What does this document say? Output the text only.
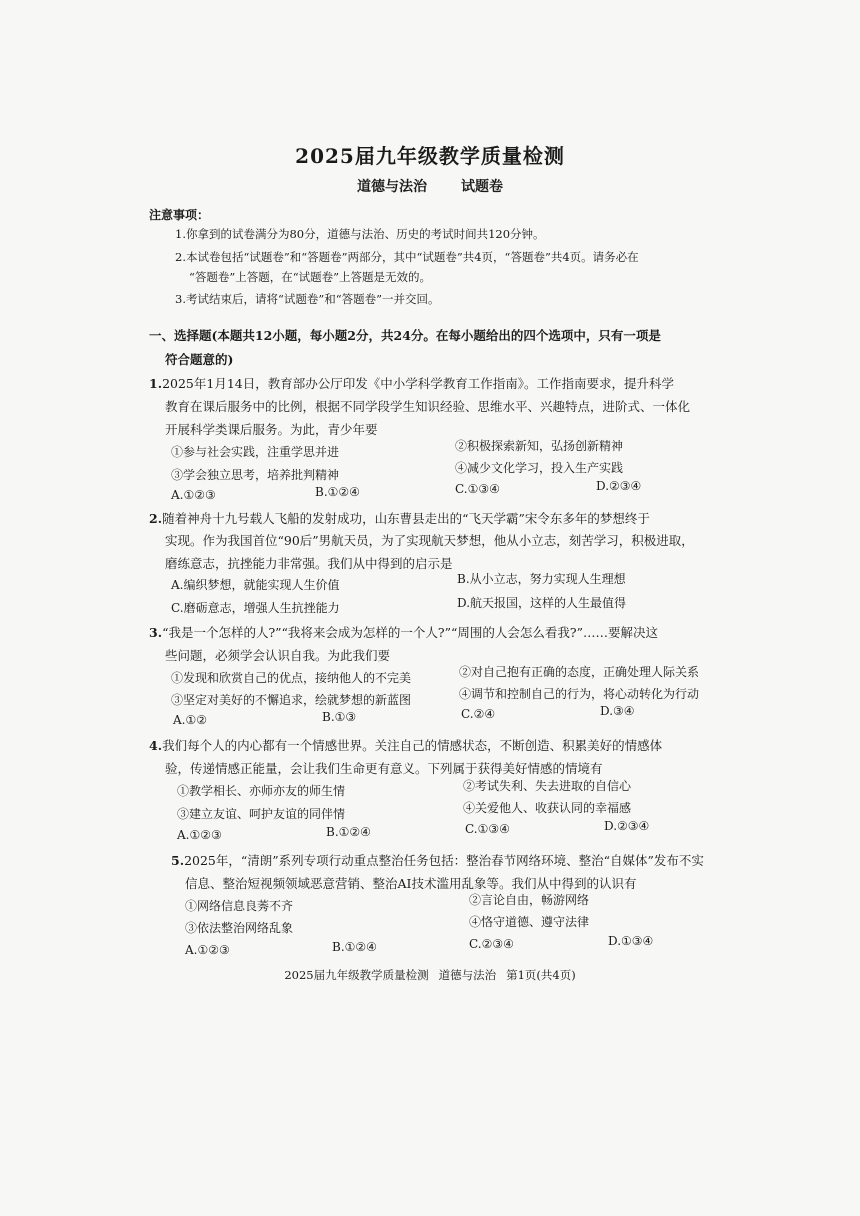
2025届九年级教学质量检测
道德与法治 试题卷
注意事项：
1.你拿到的试卷满分为80分，道德与法治、历史的考试时间共120分钟。
2.本试卷包括“试题卷”和“答题卷”两部分，其中“试题卷”共4页，“答题卷”共4页。请务必在
“答题卷”上答题，在“试题卷”上答题是无效的。
3.考试结束后，请将“试题卷”和“答题卷”一并交回。
一、选择题(本题共12小题，每小题2分，共24分。在每小题给出的四个选项中，只有一项是
符合题意的)
1.2025年1月14日，教育部办公厅印发《中小学科学教育工作指南》。工作指南要求，提升科学
教育在课后服务中的比例，根据不同学段学生知识经验、思维水平、兴趣特点，进阶式、一体化
开展科学类课后服务。为此，青少年要
①参与社会实践，注重学思并进	②积极探索新知，弘扬创新精神
③学会独立思考，培养批判精神	④减少文化学习，投入生产实践
A.①②③	B.①②④	C.①③④	D.②③④
2.随着神舟十九号载人飞船的发射成功，山东曹县走出的“飞天学霸”宋令东多年的梦想终于
实现。作为我国首位“90后”男航天员，为了实现航天梦想，他从小立志，刻苦学习，积极进取，
磨练意志，抗挫能力非常强。我们从中得到的启示是
A.编织梦想，就能实现人生价值	B.从小立志，努力实现人生理想
C.磨砺意志，增强人生抗挫能力	D.航天报国，这样的人生最值得
3.“我是一个怎样的人?”“我将来会成为怎样的一个人?”“周围的人会怎么看我?”……要解决这
些问题，必须学会认识自我。为此我们要
①发现和欣赏自己的优点，接纳他人的不完美	②对自己抱有正确的态度，正确处理人际关系
③坚定对美好的不懈追求，绘就梦想的新蓝图	④调节和控制自己的行为，将心动转化为行动
A.①②	B.①③	C.②④	D.③④
4.我们每个人的内心都有一个情感世界。关注自己的情感状态，不断创造、积累美好的情感体
验，传递情感正能量，会让我们生命更有意义。下列属于获得美好情感的情境有
①教学相长、亦师亦友的师生情	②考试失利、失去进取的自信心
③建立友谊、呵护友谊的同伴情	④关爱他人、收获认同的幸福感
A.①②③	B.①②④	C.①③④	D.②③④
5.2025年，“清朗”系列专项行动重点整治任务包括：整治春节网络环境、整治“自媒体”发布不实
信息、整治短视频领域恶意营销、整治AI技术滥用乱象等。我们从中得到的认识有
①网络信息良莠不齐	②言论自由，畅游网络
③依法整治网络乱象	④恪守道德、遵守法律
A.①②③	B.①②④	C.②③④	D.①③④
2025届九年级教学质量检测 道德与法治 第1页(共4页)
